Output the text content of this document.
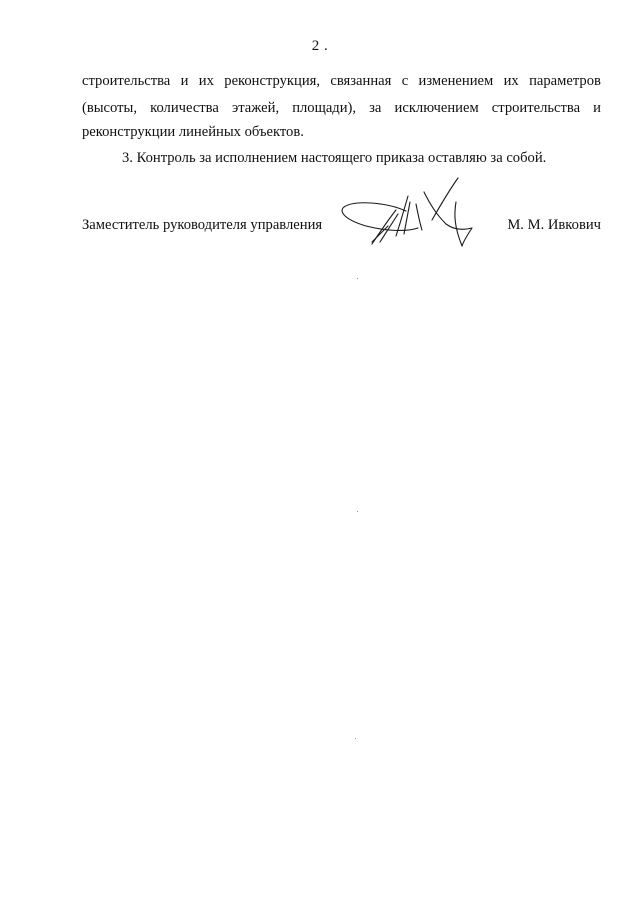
2 .
строительства и их реконструкция, связанная с изменением их параметров
(высоты, количества этажей, площади), за исключением строительства и

реконструкции линейных объектов.

3. Контроль за исполнением настоящего приказа оставляю за собой.

Заместитель руководителя управления	М. М. Ивкович
